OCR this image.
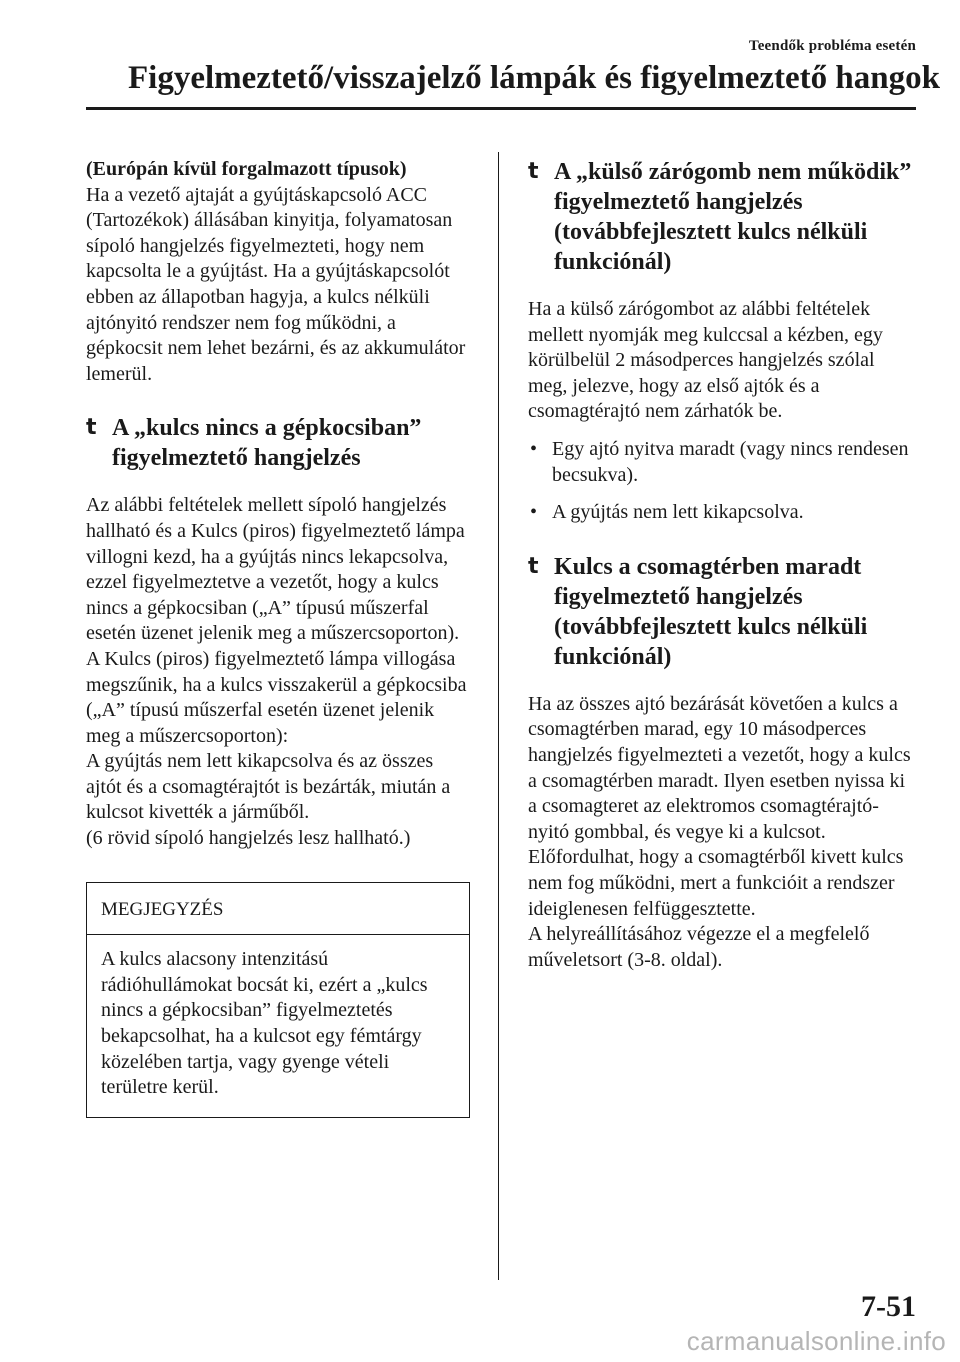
Teendők probléma esetén
Figyelmeztető/visszajelző lámpák és figyelmeztető hangok

(Európán kívül forgalmazott típusok)

Ha a vezető ajtaját a gyújtáskapcsoló ACC (Tartozékok) állásában kinyitja, folyamatosan sípoló hangjelzés figyelmezteti, hogy nem kapcsolta le a gyújtást. Ha a gyújtáskapcsolót ebben az állapotban hagyja, a kulcs nélküli ajtónyitó rendszer nem fog működni, a gépkocsit nem lehet bezárni, és az akkumulátor lemerül.

t A „kulcs nincs a gépkocsiban” figyelmeztető hangjelzés

Az alábbi feltételek mellett sípoló hangjelzés hallható és a Kulcs (piros) figyelmeztető lámpa villogni kezd, ha a gyújtás nincs lekapcsolva, ezzel figyelmeztetve a vezetőt, hogy a kulcs nincs a gépkocsiban („A” típusú műszerfal esetén üzenet jelenik meg a műszercsoporton).

A Kulcs (piros) figyelmeztető lámpa villogása megszűnik, ha a kulcs visszakerül a gépkocsiba („A” típusú műszerfal esetén üzenet jelenik meg a műszercsoporton):

A gyújtás nem lett kikapcsolva és az összes ajtót és a csomagtérajtót is bezárták, miután a kulcsot kivették a járműből.

(6 rövid sípoló hangjelzés lesz hallható.)

MEGJEGYZÉS
A kulcs alacsony intenzitású rádióhullámokat bocsát ki, ezért a „kulcs nincs a gépkocsiban” figyelmeztetés bekapcsolhat, ha a kulcsot egy fémtárgy közelében tartja, vagy gyenge vételi területre kerül.
t A „külső zárógomb nem működik” figyelmeztető hangjelzés (továbbfejlesztett kulcs nélküli funkciónál)

Ha a külső zárógombot az alábbi feltételek mellett nyomják meg kulccsal a kézben, egy körülbelül 2 másodperces hangjelzés szólal meg, jelezve, hogy az első ajtók és a csomagtérajtó nem zárhatók be.

• Egy ajtó nyitva maradt (vagy nincs rendesen becsukva).
• A gyújtás nem lett kikapcsolva.
t Kulcs a csomagtérben maradt figyelmeztető hangjelzés (továbbfejlesztett kulcs nélküli funkciónál)

Ha az összes ajtó bezárását követően a kulcs a csomagtérben marad, egy 10 másodperces hangjelzés figyelmezteti a vezetőt, hogy a kulcs a csomagtérben maradt. Ilyen esetben nyissa ki a csomagteret az elektromos csomagtérajtó-nyitó gombbal, és vegye ki a kulcsot. Előfordulhat, hogy a csomagtérből kivett kulcs nem fog működni, mert a funkcióit a rendszer ideiglenesen felfüggesztette.

A helyreállításához végezze el a megfelelő műveletsort (3-8. oldal).

7-51
carmanualsonline.info
